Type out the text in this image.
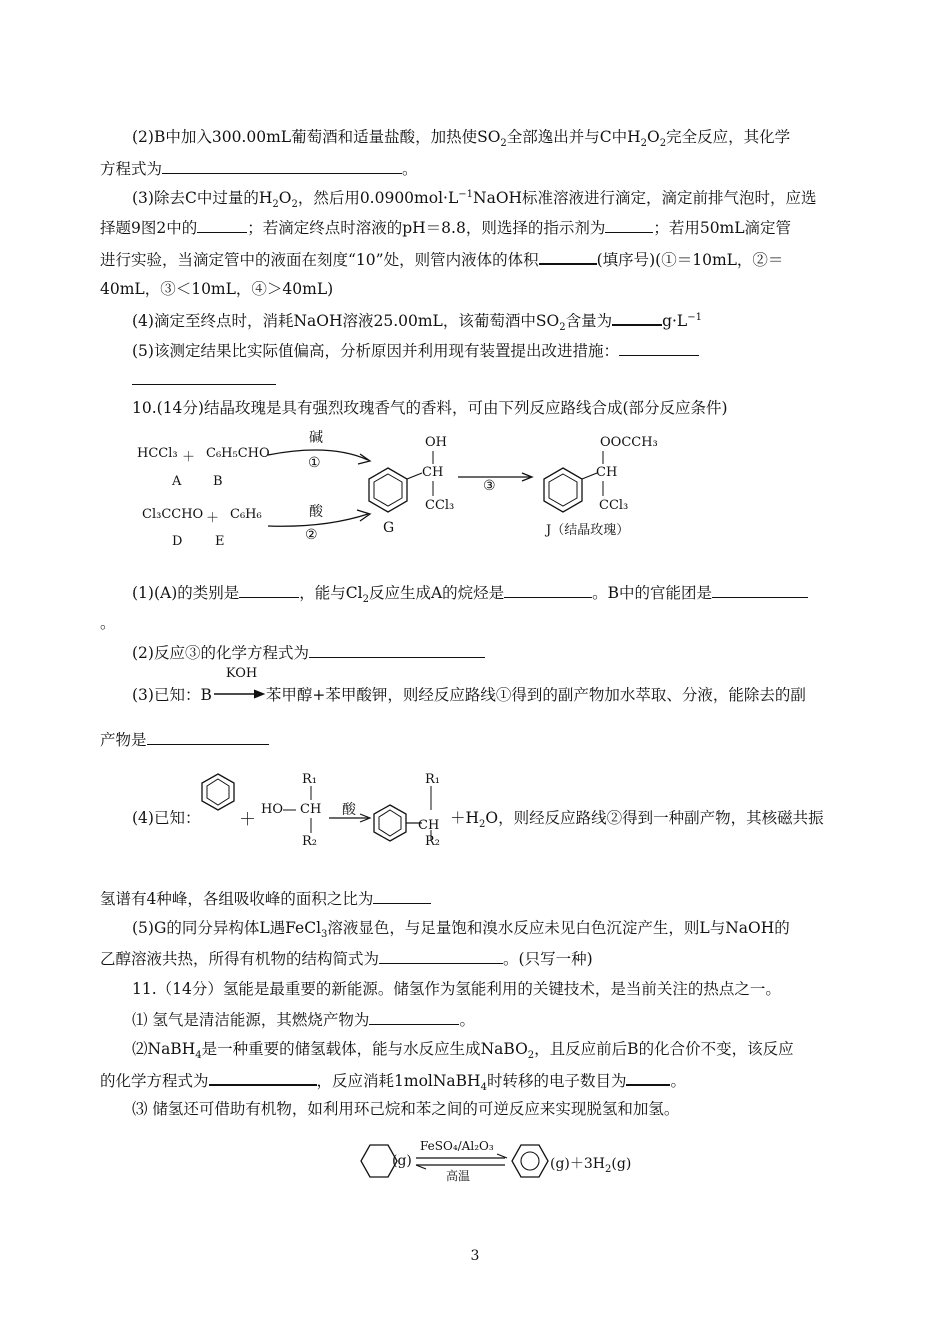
(2)B中加入300.00mL葡萄酒和适量盐酸，加热使$SO_2$全部逸出并与C中$H_2O_2$完全反应，其化学
方程式为	。
(3)除去C中过量的$H_2O_2$，然后用$0.0900mol\cdot L^{-1}NaOH$标准溶液进行滴定，滴定前排气泡时，应选
择题9图2中的	；若滴定终点时溶液的pH＝8.8，则选择的指示剂为	；若用50mL滴定管
进行实验，当滴定管中的液面在刻度“10”处，则管内液体的体积	(填序号)(①＝10mL，②＝
40mL，③＜10mL，④＞40mL)
(4)滴定至终点时，消耗NaOH溶液25.00mL，该葡萄酒中$SO_2$含量为	$g\cdot L^{-1}$
(5)该测定结果比实际值偏高，分析原因并利用现有装置提出改进措施：
10.(14分)结晶玫瑰是具有强烈玫瑰香气的香料，可由下列反应路线合成(部分反应条件)
HCCl₃ ＋ C₆H₅CHO
A B
碱
①
Cl₃CCHO ＋ C₆H₆
D	E
酸
②
OH
CH
CCl₃
G
③
OOCCH₃
CH
CCl₃
J（结晶玫瑰）
(1)(A)的类别是	，能与$Cl_2$反应生成A的烷烃是	。B中的官能团是
。
(2)反应③的化学方程式为
(3)已知：B
KOH
苯甲醇+苯甲酸钾，则经反应路线①得到的副产物加水萃取、分液，能除去的副
产物是
(4)已知：	＋
HO
R₁
CH
R₂
酸
R₁
CH
R₂
$+H_2O$，则经反应路线②得到一种副产物，其核磁共振
氢谱有4种峰，各组吸收峰的面积之比为
(5)G的同分异构体L遇FeCl$_3$溶液显色，与足量饱和溴水反应未见白色沉淀产生，则L与NaOH的
乙醇溶液共热，所得有机物的结构简式为	。(只写一种)
11.（14分）氢能是最重要的新能源。储氢作为氢能利用的关键技术，是当前关注的热点之一。
⑴ 氢气是清洁能源，其燃烧产物为	。
⑵NaBH$_4$是一种重要的储氢载体，能与水反应生成NaBO$_2$，且反应前后B的化合价不变，该反应
的化学方程式为	，反应消耗1molNaBH$_4$时转移的电子数目为	。
⑶ 储氢还可借助有机物，如利用环己烷和苯之间的可逆反应来实现脱氢和加氢。
(g)
FeSO₄/Al₂O₃
高温
$(g)+3H_2(g)$
3
